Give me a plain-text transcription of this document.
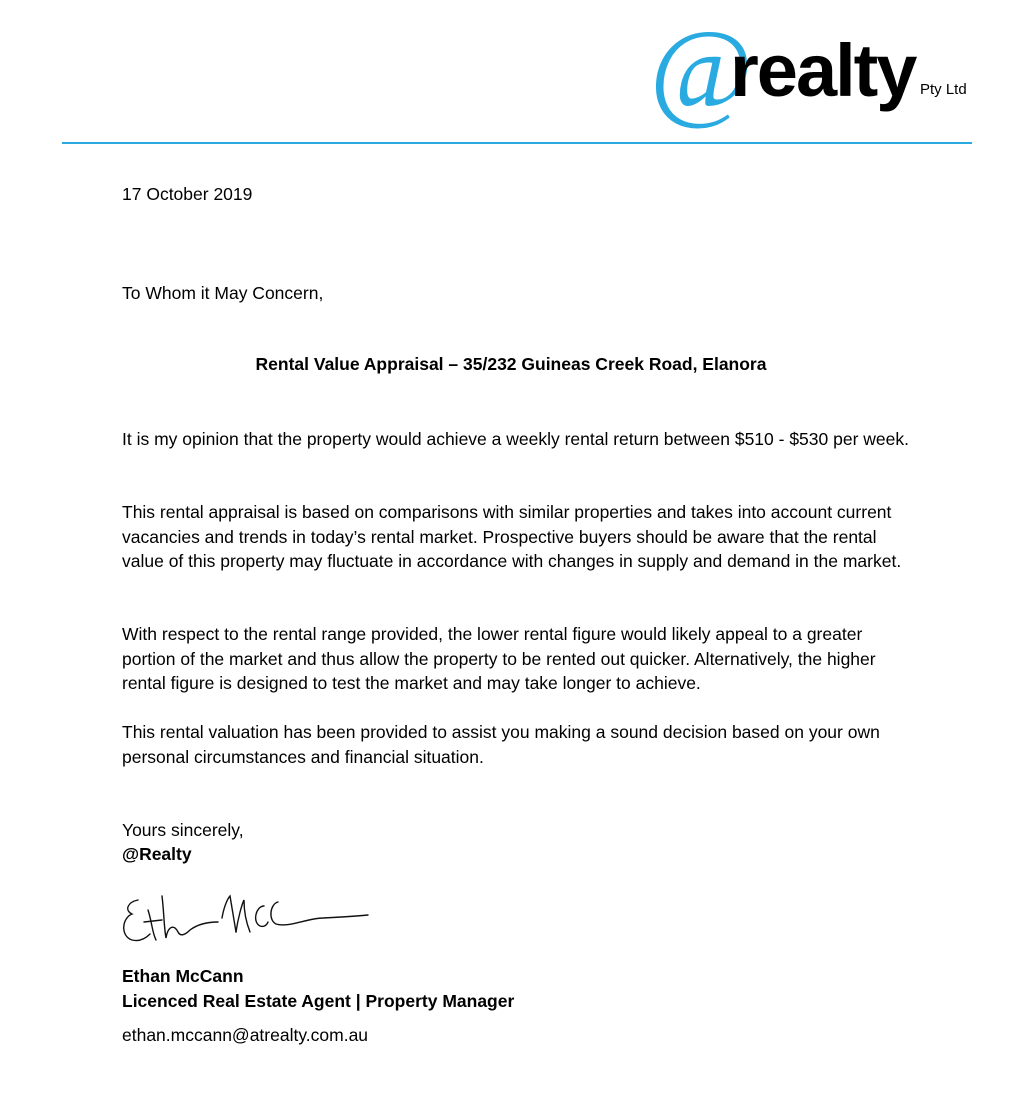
@
realty Pty Ltd
17 October 2019
To Whom it May Concern,
Rental Value Appraisal – 35/232 Guineas Creek Road, Elanora
It is my opinion that the property would achieve a weekly rental return between $510 - $530 per week.
This rental appraisal is based on comparisons with similar properties and takes into account current vacancies and trends in today’s rental market. Prospective buyers should be aware that the rental value of this property may fluctuate in accordance with changes in supply and demand in the market.
With respect to the rental range provided, the lower rental figure would likely appeal to a greater portion of the market and thus allow the property to be rented out quicker. Alternatively, the higher rental figure is designed to test the market and may take longer to achieve.
This rental valuation has been provided to assist you making a sound decision based on your own personal circumstances and financial situation.
Yours sincerely,
@Realty
Ethan McCann
Licenced Real Estate Agent | Property Manager
ethan.mccann@atrealty.com.au
